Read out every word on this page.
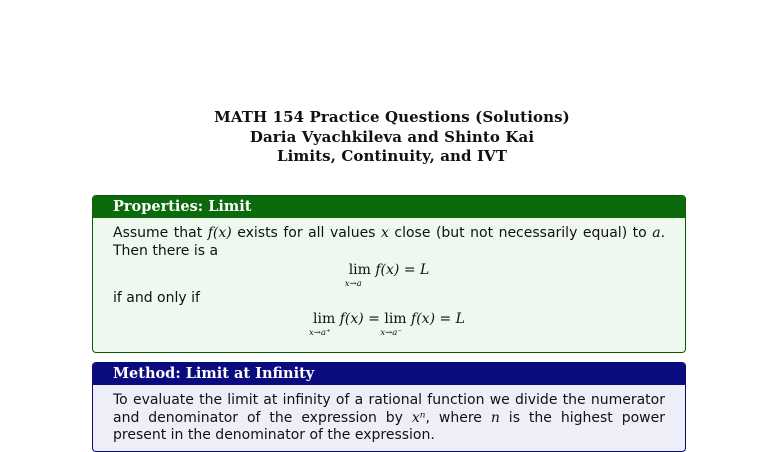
MATH 154 Practice Questions (Solutions)
Daria Vyachkileva and Shinto Kai
Limits, Continuity, and IVT
Properties: Limit
Assume that f(x) exists for all values x close (but not necessarily equal) to a. Then there is a
lim
x→a
f(x) = L
if and only if
lim
x→a⁺
f(x) = lim
x→a⁻
f(x) = L
Method: Limit at Infinity
To evaluate the limit at infinity of a rational function we divide the numerator and denominator of the expression by xⁿ, where n is the highest power present in the denominator of the expression.
